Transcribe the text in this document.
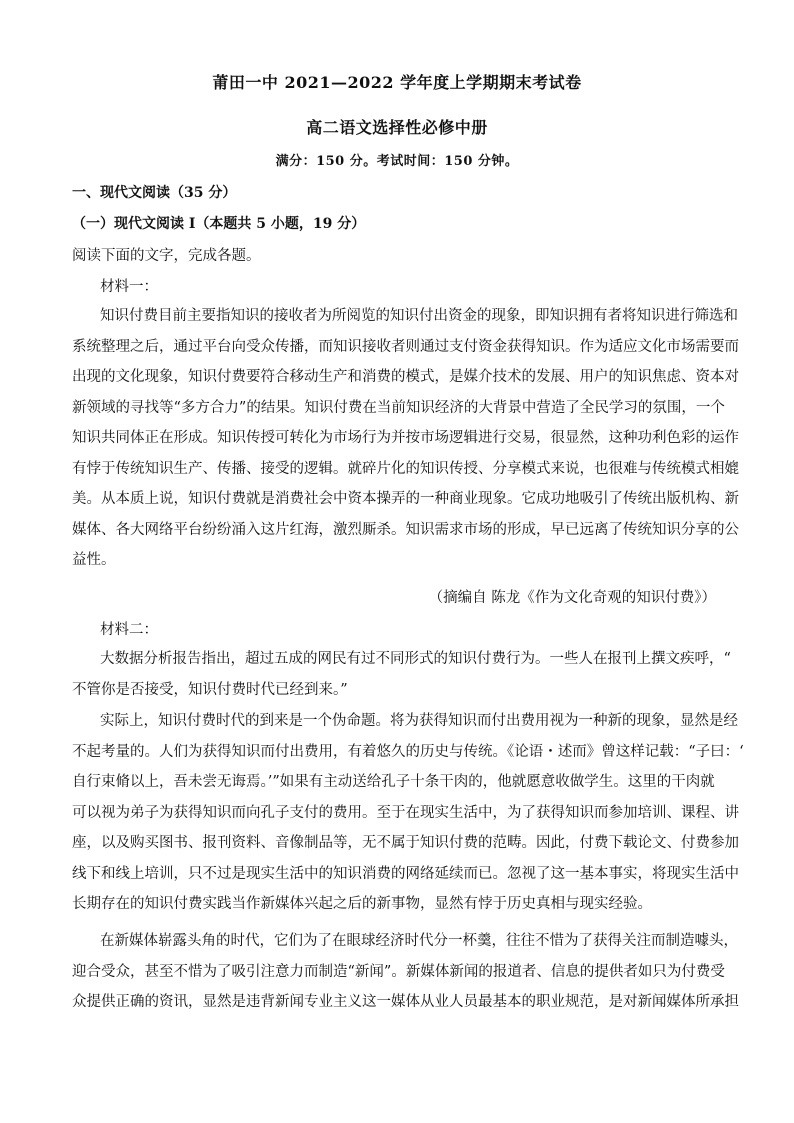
莆田一中 2021—2022 学年度上学期期末考试卷
高二语文选择性必修中册
满分：150 分。考试时间：150 分钟。
一、现代文阅读（35 分）
（一）现代文阅读 I（本题共 5 小题，19 分）
阅读下面的文字，完成各题。
材料一：
知识付费目前主要指知识的接收者为所阅览的知识付出资金的现象，即知识拥有者将知识进行筛选和
系统整理之后，通过平台向受众传播，而知识接收者则通过支付资金获得知识。作为适应文化市场需要而
出现的文化现象，知识付费要符合移动生产和消费的模式，是媒介技术的发展、用户的知识焦虑、资本对
新领域的寻找等“多方合力”的结果。知识付费在当前知识经济的大背景中营造了全民学习的氛围，一个
知识共同体正在形成。知识传授可转化为市场行为并按市场逻辑进行交易，很显然，这种功利色彩的运作
有悖于传统知识生产、传播、接受的逻辑。就碎片化的知识传授、分享模式来说，也很难与传统模式相媲
美。从本质上说，知识付费就是消费社会中资本操弄的一种商业现象。它成功地吸引了传统出版机构、新
媒体、各大网络平台纷纷涌入这片红海，激烈厮杀。知识需求市场的形成，早已远离了传统知识分享的公
益性。
（摘编自 陈龙《作为文化奇观的知识付费》）
材料二：
大数据分析报告指出，超过五成的网民有过不同形式的知识付费行为。一些人在报刊上撰文疾呼，“
不管你是否接受，知识付费时代已经到来。”
实际上，知识付费时代的到来是一个伪命题。将为获得知识而付出费用视为一种新的现象，显然是经
不起考量的。人们为获得知识而付出费用，有着悠久的历史与传统。《论语・述而》曾这样记载：“子曰：‘
自行束脩以上，吾未尝无诲焉。’”如果有主动送给孔子十条干肉的，他就愿意收做学生。这里的干肉就
可以视为弟子为获得知识而向孔子支付的费用。至于在现实生活中，为了获得知识而参加培训、课程、讲
座，以及购买图书、报刊资料、音像制品等，无不属于知识付费的范畴。因此，付费下载论文、付费参加
线下和线上培训，只不过是现实生活中的知识消费的网络延续而已。忽视了这一基本事实，将现实生活中
长期存在的知识付费实践当作新媒体兴起之后的新事物，显然有悖于历史真相与现实经验。
在新媒体崭露头角的时代，它们为了在眼球经济时代分一杯羹，往往不惜为了获得关注而制造噱头，
迎合受众，甚至不惜为了吸引注意力而制造“新闻”。新媒体新闻的报道者、信息的提供者如只为付费受
众提供正确的资讯，显然是违背新闻专业主义这一媒体从业人员最基本的职业规范，是对新闻媒体所承担
